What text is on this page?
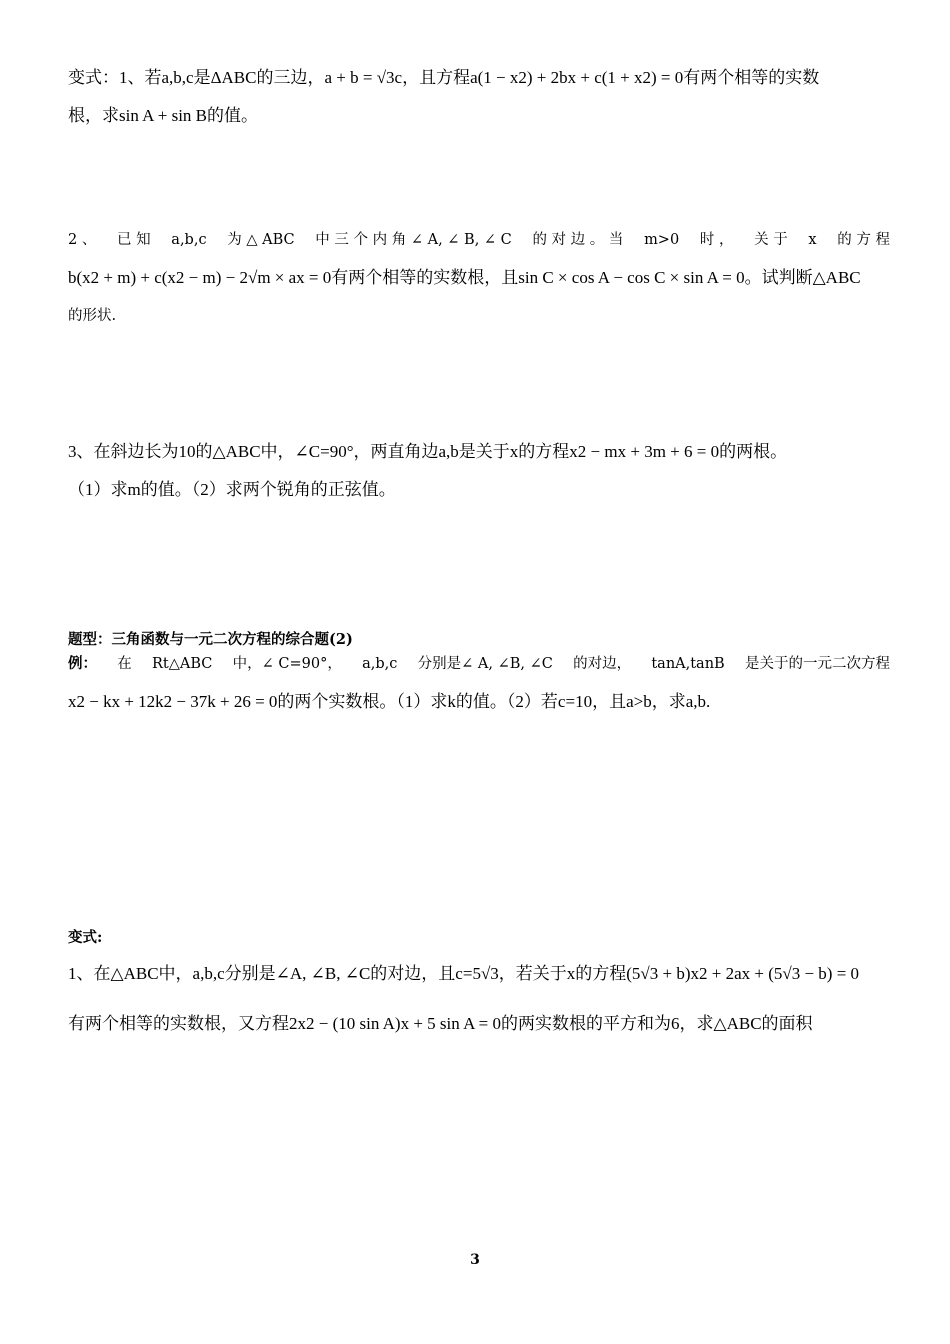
变式：1、若a,b,c是ΔABC的三边，a + b = √3c，且方程a(1 − x2) + 2bx + c(1 + x2) = 0有两个相等的实数
根，求sin A + sin B的值。
2 、 已 知 a,b,c 为 △ ABC 中 三 个 内 角 ∠ A, ∠ B, ∠ C 的 对 边 。 当 m>0 时 ， 关 于 x 的 方 程
b(x2 + m) + c(x2 − m) − 2√m × ax = 0有两个相等的实数根，且sin C × cos A − cos C × sin A = 0。试判断△ABC
的形状.
3、在斜边长为10的△ABC中，∠C=90°，两直角边a,b是关于x的方程x2 − mx + 3m + 6 = 0的两根。
（1）求m的值。（2）求两个锐角的正弦值。
题型：三角函数与一元二次方程的综合题(2)
例： 在 Rt△ABC 中，∠ C=90°， a,b,c 分别是∠ A, ∠B, ∠C 的对边， tanA,tanB 是关于的一元二次方程
x2 − kx + 12k2 − 37k + 26 = 0的两个实数根。（1）求k的值。（2）若c=10，且a>b，求a,b.
变式:
1、在△ABC中，a,b,c分别是∠A, ∠B, ∠C的对边，且c=5√3，若关于x的方程(5√3 + b)x2 + 2ax + (5√3 − b) = 0
有两个相等的实数根，又方程2x2 − (10 sin A)x + 5 sin A = 0的两实数根的平方和为6，求△ABC的面积
3
